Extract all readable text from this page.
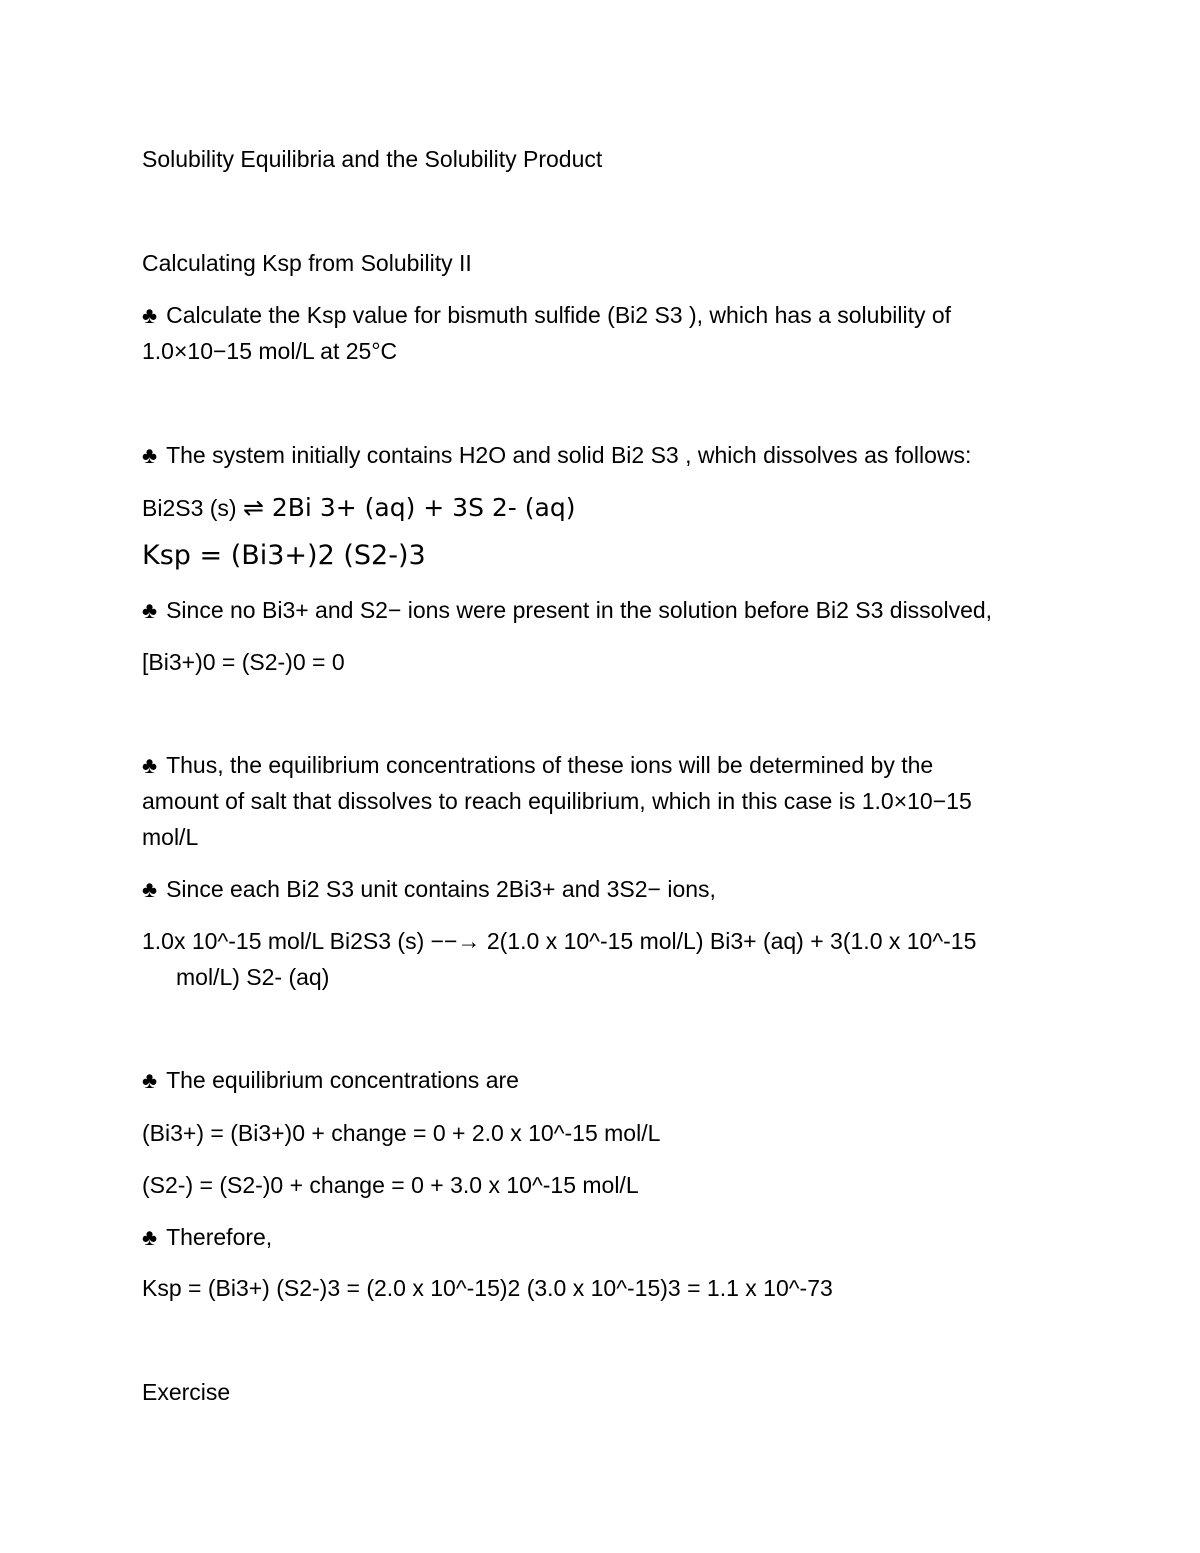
Solubility Equilibria and the Solubility Product
Calculating Ksp from Solubility II
♣ Calculate the Ksp value for bismuth sulfide (Bi2 S3 ), which has a solubility of
1.0×10−15 mol/L at 25°C
♣ The system initially contains H2O and solid Bi2 S3 , which dissolves as follows:
Bi2S3 (s) ⇌ 2Bi 3+ (aq) + 3S 2- (aq)
Ksp = (Bi3+)2 (S2-)3
♣ Since no Bi3+ and S2− ions were present in the solution before Bi2 S3 dissolved,
[Bi3+)0 = (S2-)0 = 0
♣ Thus, the equilibrium concentrations of these ions will be determined by the
amount of salt that dissolves to reach equilibrium, which in this case is 1.0×10−15
mol/L
♣ Since each Bi2 S3 unit contains 2Bi3+ and 3S2− ions,
1.0x 10^-15 mol/L Bi2S3 (s) −−→ 2(1.0 x 10^-15 mol/L) Bi3+ (aq) + 3(1.0 x 10^-15
mol/L) S2- (aq)
♣ The equilibrium concentrations are
(Bi3+) = (Bi3+)0 + change = 0 + 2.0 x 10^-15 mol/L
(S2-) = (S2-)0 + change = 0 + 3.0 x 10^-15 mol/L
♣ Therefore,
Ksp = (Bi3+) (S2-)3 = (2.0 x 10^-15)2 (3.0 x 10^-15)3 = 1.1 x 10^-73
Exercise
